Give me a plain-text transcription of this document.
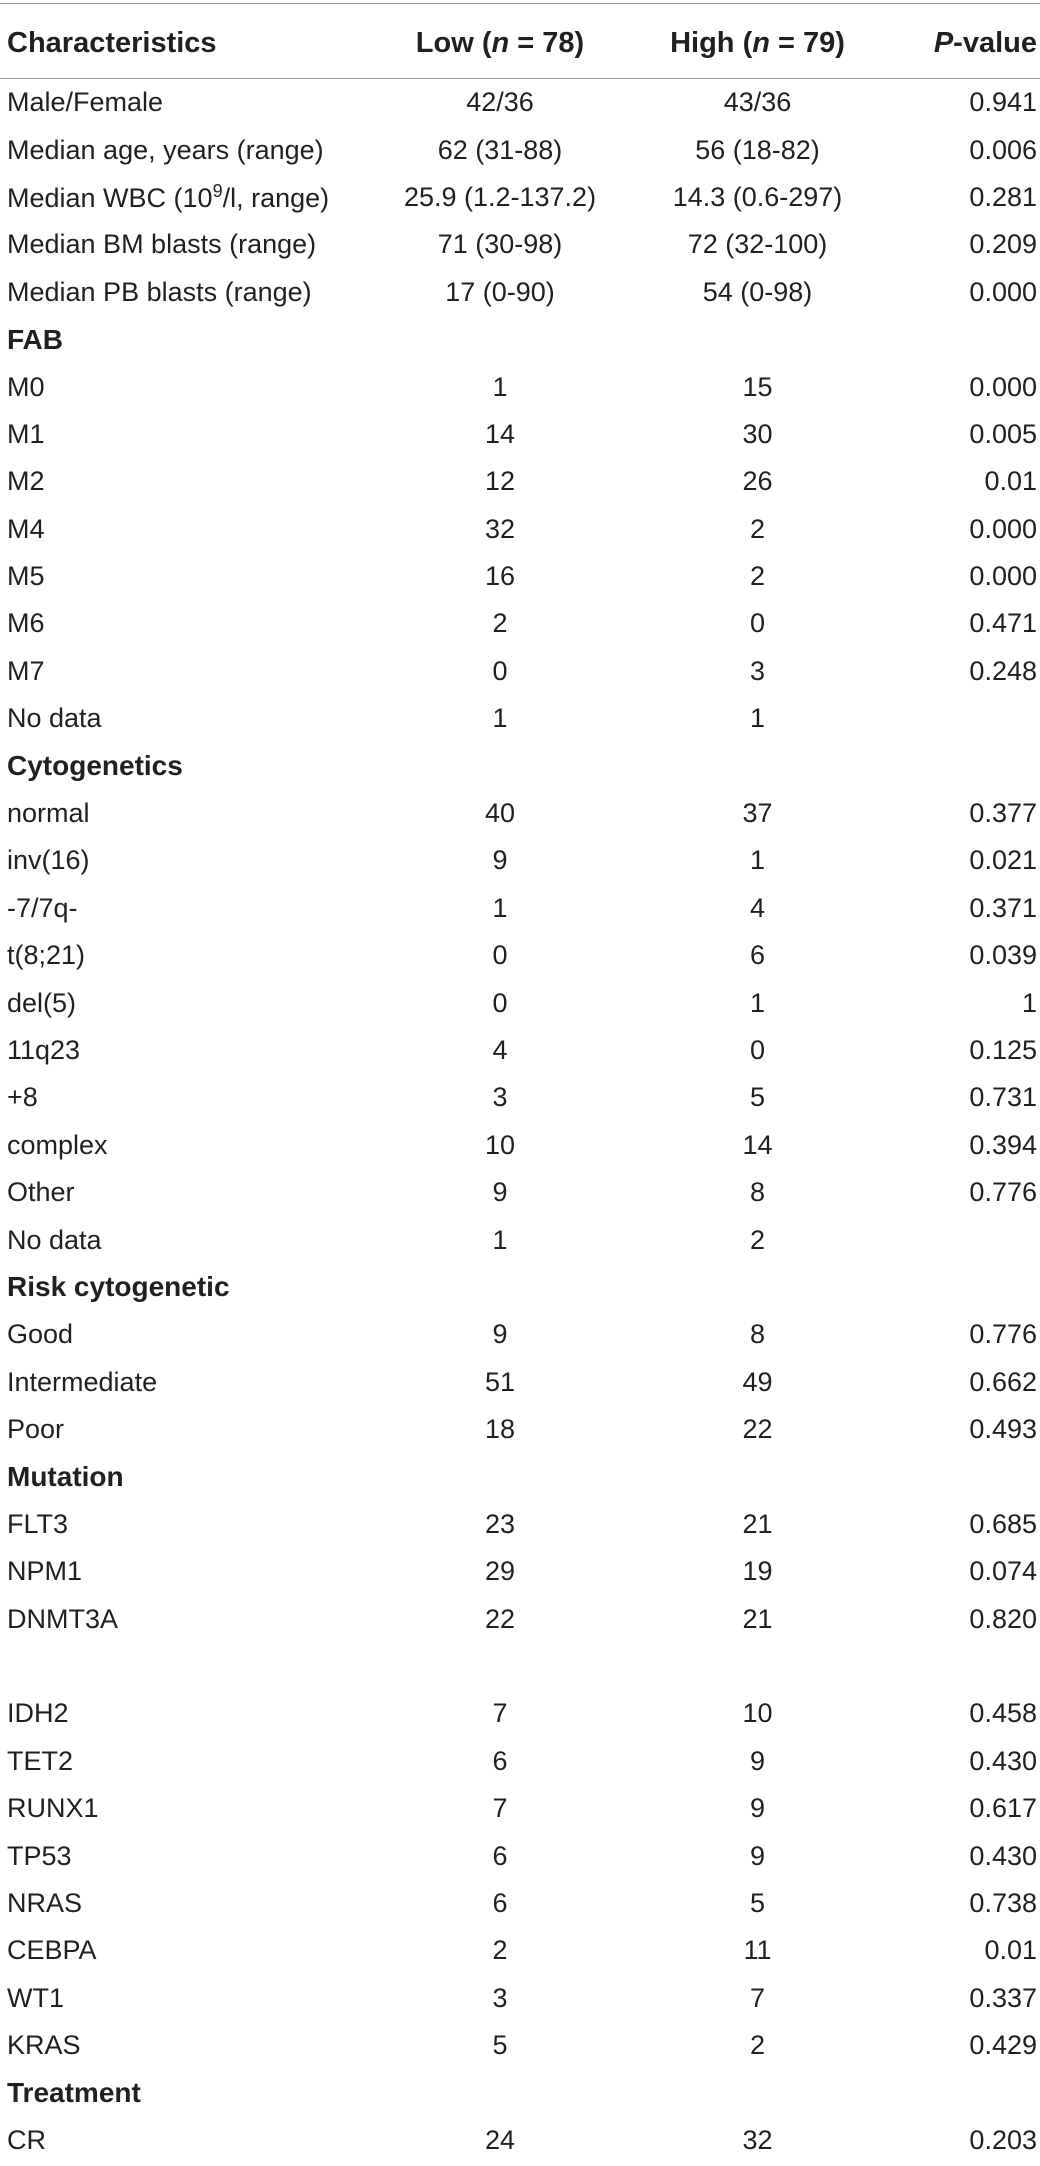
Characteristics	Low (n = 78)	High (n = 79)	P-value
Male/Female	42/36	43/36	0.941
Median age, years (range)	62 (31-88)	56 (18-82)	0.006
Median WBC ($10^9/l$, range)	25.9 (1.2-137.2)	14.3 (0.6-297)	0.281
Median BM blasts (range)	71 (30-98)	72 (32-100)	0.209
Median PB blasts (range)	17 (0-90)	54 (0-98)	0.000
FAB			
M0	1	15	0.000
M1	14	30	0.005
M2	12	26	0.01
M4	32	2	0.000
M5	16	2	0.000
M6	2	0	0.471
M7	0	3	0.248
No data	1	1	
Cytogenetics			
normal	40	37	0.377
inv(16)	9	1	0.021
-7/7q-	1	4	0.371
t(8;21)	0	6	0.039
del(5)	0	1	1
11q23	4	0	0.125
+8	3	5	0.731
complex	10	14	0.394
Other	9	8	0.776
No data	1	2	
Risk cytogenetic			
Good	9	8	0.776
Intermediate	51	49	0.662
Poor	18	22	0.493
Mutation			
FLT3	23	21	0.685
NPM1	29	19	0.074
DNMT3A	22	21	0.820

IDH2	7	10	0.458
TET2	6	9	0.430
RUNX1	7	9	0.617
TP53	6	9	0.430
NRAS	6	5	0.738
CEBPA	2	11	0.01
WT1	3	7	0.337
KRAS	5	2	0.429
Treatment			
CR	24	32	0.203
